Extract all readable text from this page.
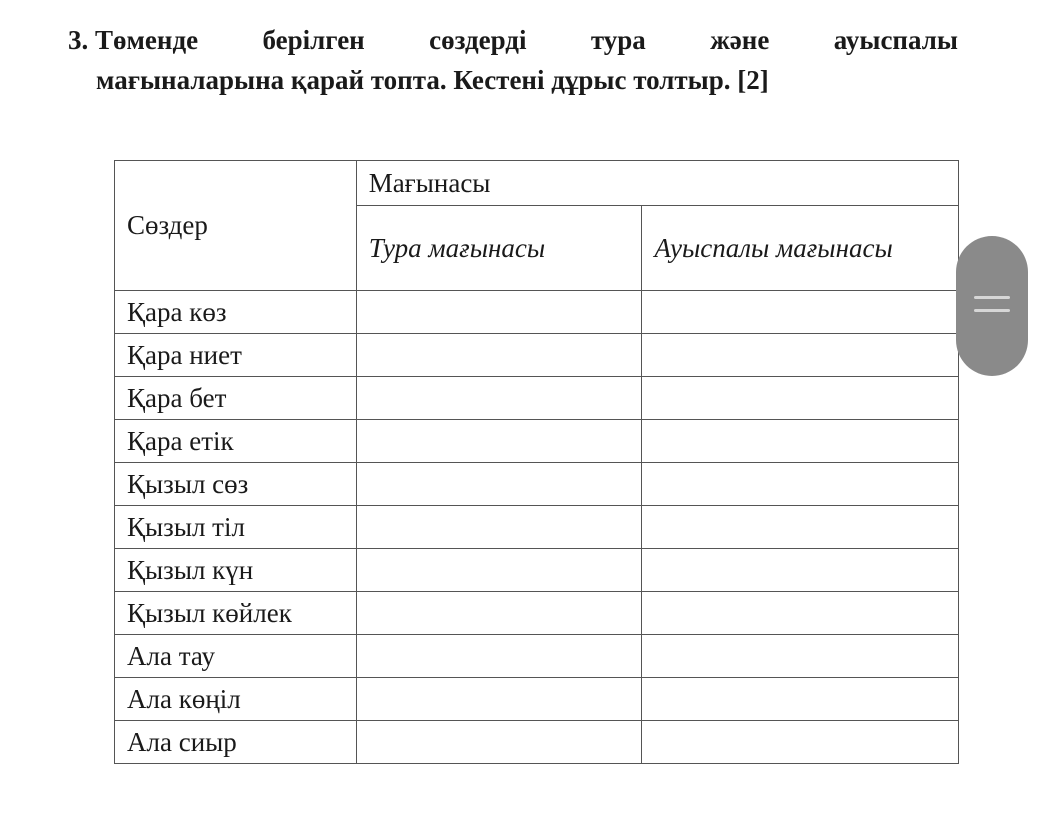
3. Төменде берілген сөздерді тура және ауыспалы
мағыналарына қарай топта. Кестені дұрыс толтыр. [2]
Сөздер	Мағынасы	
	Тура мағынасы	Ауыспалы мағынасы
Қара көз		
Қара ниет		
Қара бет		
Қара етік		
Қызыл сөз		
Қызыл тіл		
Қызыл күн		
Қызыл көйлек		
Ала тау		
Ала көңіл		
Ала сиыр		
